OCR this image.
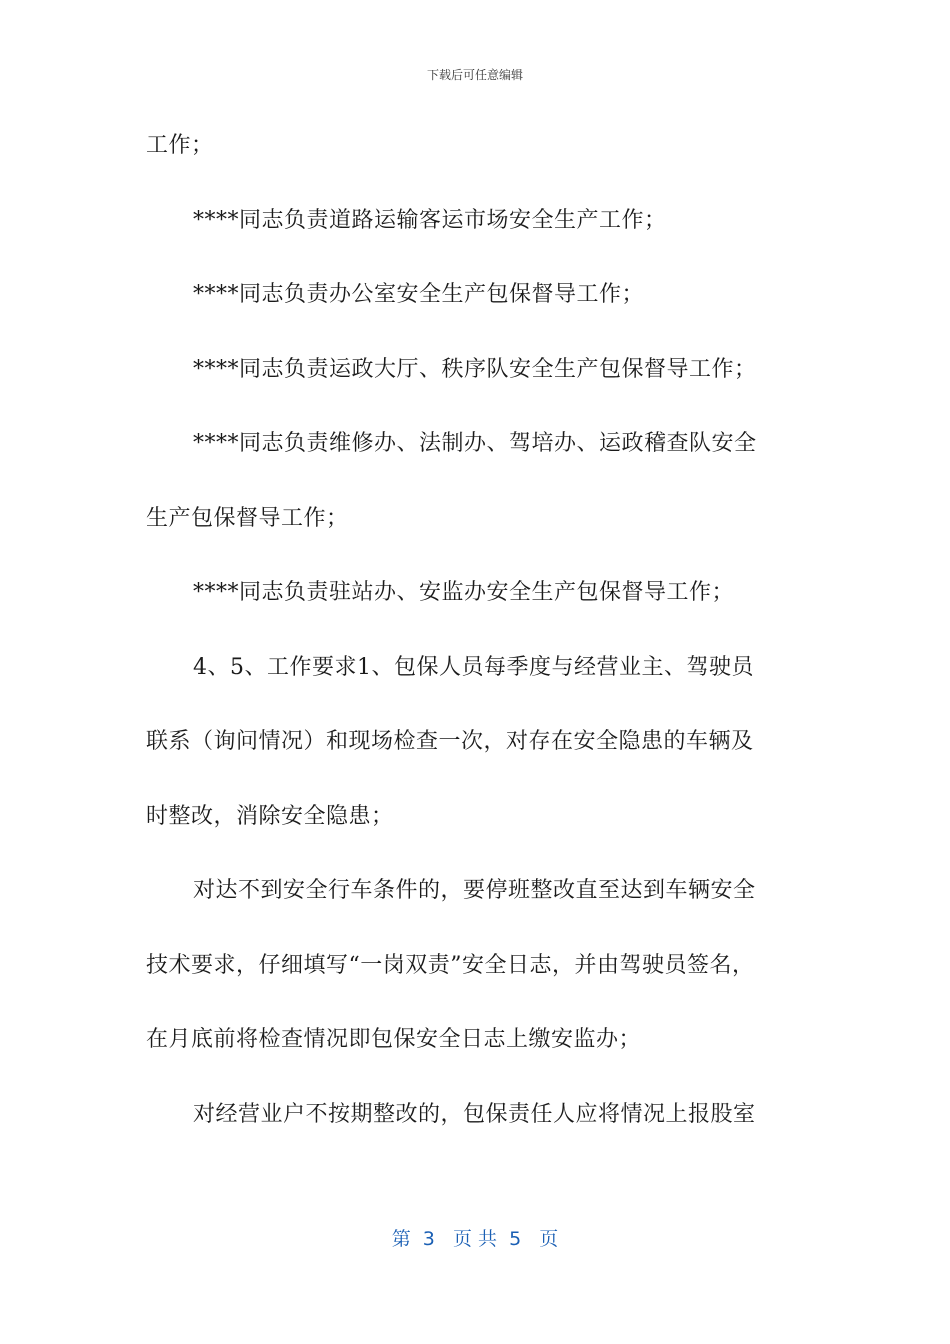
下载后可任意编辑
工作；
****同志负责道路运输客运市场安全生产工作；
****同志负责办公室安全生产包保督导工作；
****同志负责运政大厅、秩序队安全生产包保督导工作；
****同志负责维修办、法制办、驾培办、运政稽查队安全
生产包保督导工作；
****同志负责驻站办、安监办安全生产包保督导工作；
4、5、工作要求1、包保人员每季度与经营业主、驾驶员
联系（询问情况）和现场检查一次，对存在安全隐患的车辆及
时整改，消除安全隐患；
对达不到安全行车条件的，要停班整改直至达到车辆安全
技术要求，仔细填写“一岗双责”安全日志，并由驾驶员签名，
在月底前将检查情况即包保安全日志上缴安监办；
对经营业户不按期整改的，包保责任人应将情况上报股室
第  3   页 共  5   页
